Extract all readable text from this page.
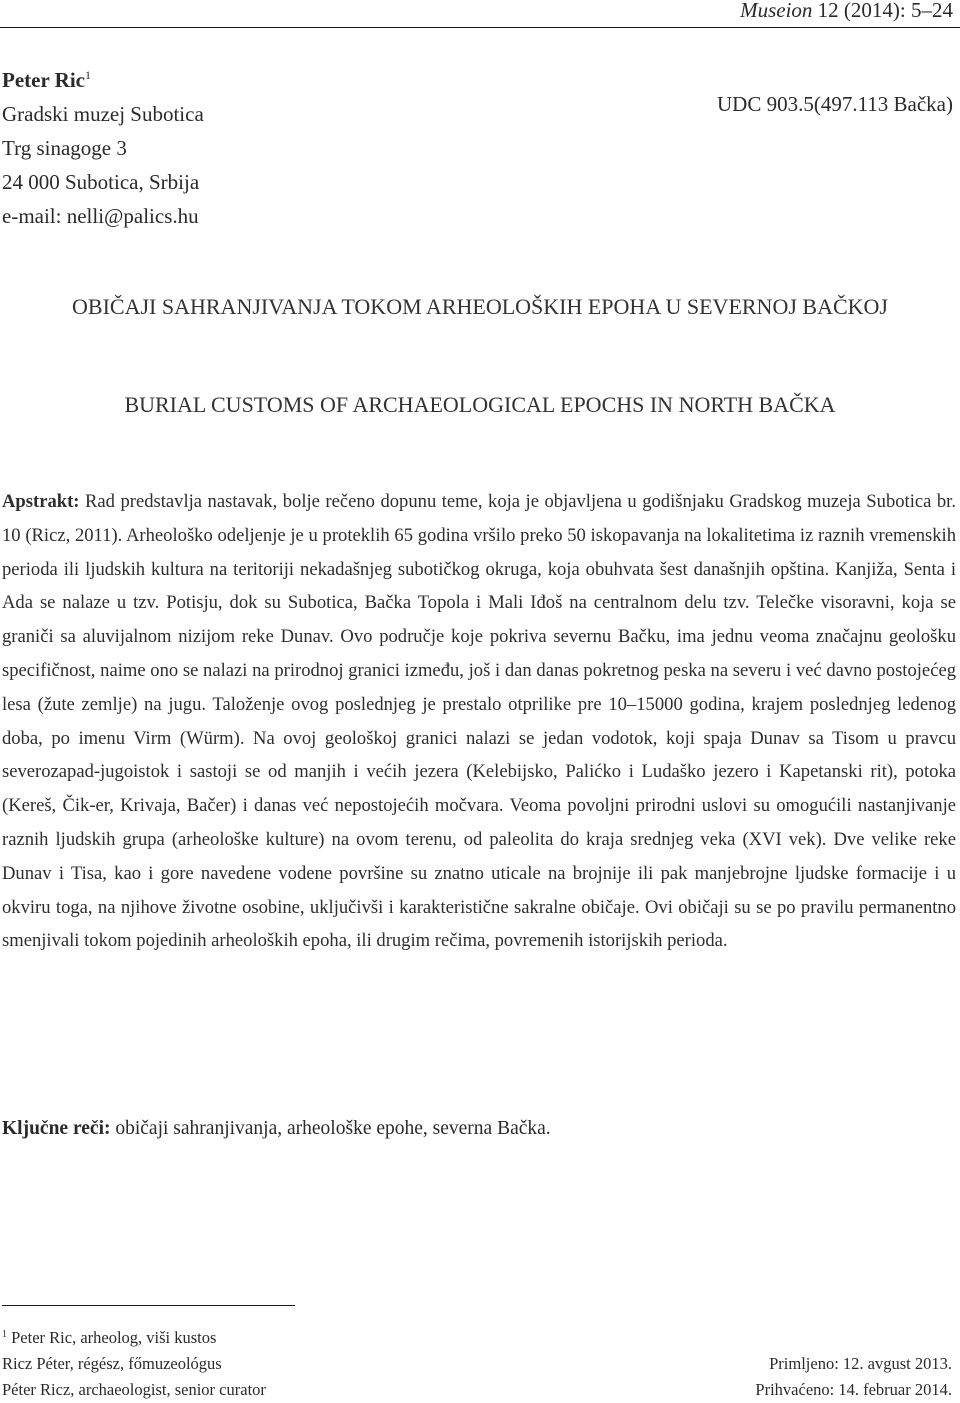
Museion 12 (2014): 5–24
Peter Ric$^1$
Gradski muzej Subotica
Trg sinagoge 3
24 000 Subotica, Srbija
e-mail: nelli@palics.hu
UDC 903.5(497.113 Bačka)
OBIČAJI SAHRANJIVANJA TOKOM ARHEOLOŠKIH EPOHA U SEVERNOJ BAČKOJ
BURIAL CUSTOMS OF ARCHAEOLOGICAL EPOCHS IN NORTH BAČKA
Apstrakt: Rad predstavlja nastavak, bolje rečeno dopunu teme, koja je objavljena u godišnjaku Gradskog muzeja Subotica br. 10 (Ricz, 2011). Arheološko odeljenje je u proteklih 65 godina vršilo preko 50 iskopavanja na lokalitetima iz raznih vremenskih perioda ili ljudskih kultura na teritoriji nekadašnjeg subotičkog okruga, koja obuhvata šest današnjih opština. Kanjiža, Senta i Ada se nalaze u tzv. Potisju, dok su Subotica, Bačka Topola i Mali Iđoš na centralnom delu tzv. Telečke visoravni, koja se graniči sa aluvijalnom nizijom reke Dunav. Ovo područje koje pokriva severnu Bačku, ima jednu veoma značajnu geološku specifičnost, naime ono se nalazi na prirodnoj granici između, još i dan danas pokretnog peska na severu i već davno postojećeg lesa (žute zemlje) na jugu. Taloženje ovog poslednjeg je prestalo otprilike pre 10–15000 godina, krajem poslednjeg ledenog doba, po imenu Virm (Würm). Na ovoj geološkoj granici nalazi se jedan vodotok, koji spaja Dunav sa Tisom u pravcu severozapad-jugoistok i sastoji se od manjih i većih jezera (Kelebijsko, Palićko i Ludaško jezero i Kapetanski rit), potoka (Kereš, Čik-er, Krivaja, Bačer) i danas već nepostojećih močvara. Veoma povoljni prirodni uslovi su omogućili nastanjivanje raznih ljudskih grupa (arheološke kulture) na ovom terenu, od paleolita do kraja srednjeg veka (XVI vek). Dve velike reke Dunav i Tisa, kao i gore navedene vodene površine su znatno uticale na brojnije ili pak manjebrojne ljudske formacije i u okviru toga, na njihove životne osobine, uključivši i karakteristične sakralne običaje. Ovi običaji su se po pravilu permanentno smenjivali tokom pojedinih arheoloških epoha, ili drugim rečima, povremenih istorijskih perioda.
Ključne reči: običaji sahranjivanja, arheološke epohe, severna Bačka.
$^1$ Peter Ric, arheolog, viši kustos
Ricz Péter, régész, főmuzeológus
Péter Ricz, archaeologist, senior curator
Primljeno: 12. avgust 2013.
Prihvaćeno: 14. februar 2014.
